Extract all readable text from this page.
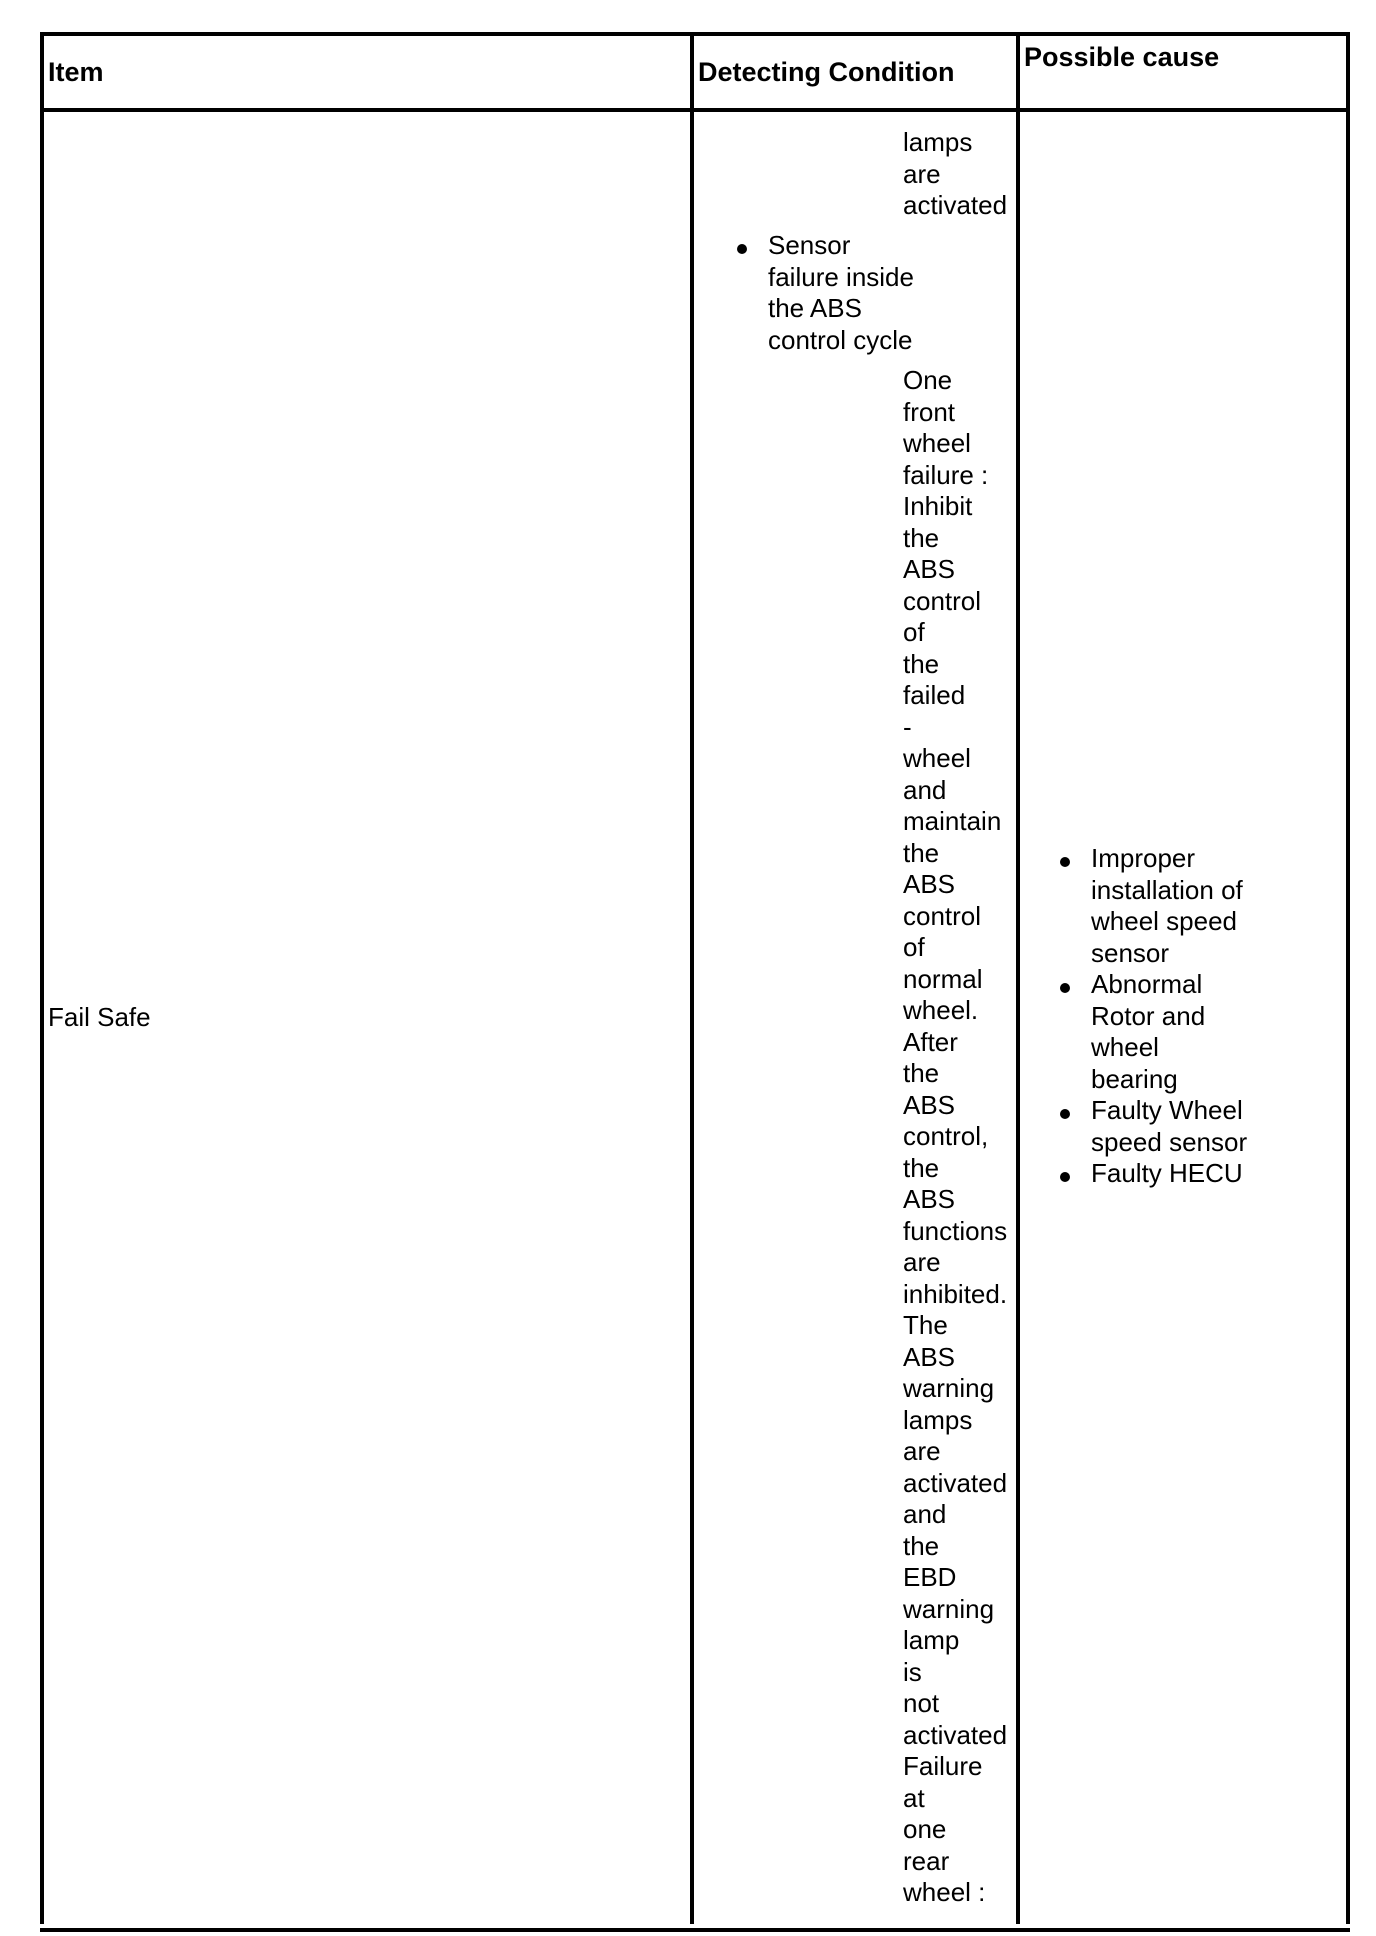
Item	Detecting Condition	Possible cause
Fail Safe
lamps
are
activated
Sensor
failure inside
the ABS
control cycle
One
front
wheel
failure :
Inhibit
the
ABS
control
of
the
failed
-
wheel
and
maintain
the
ABS
control
of
normal
wheel.
After
the
ABS
control,
the
ABS
functions
are
inhibited.
The
ABS
warning
lamps
are
activated
and
the
EBD
warning
lamp
is
not
activated
Failure
at
one
rear
wheel :
Improper
installation of
wheel speed
sensor
Abnormal
Rotor and
wheel
bearing
Faulty Wheel
speed sensor
Faulty HECU
